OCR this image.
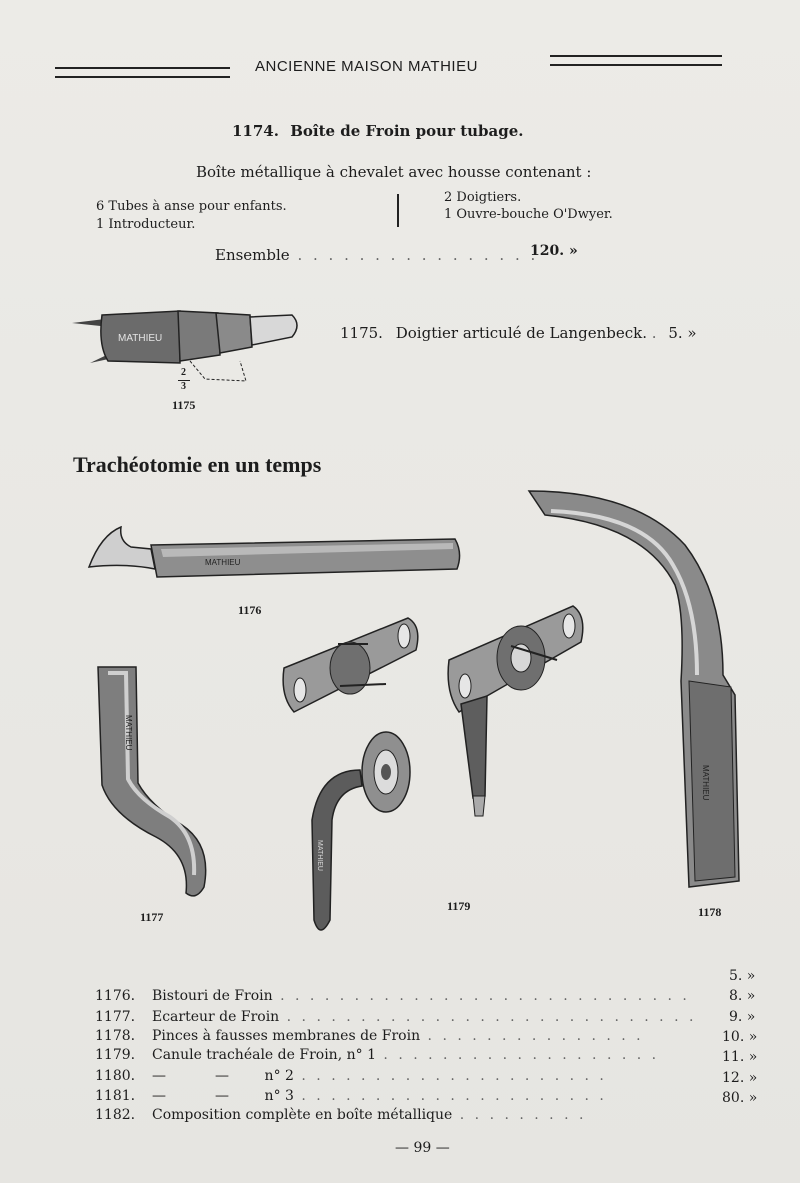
ANCIENNE MAISON MATHIEU
1174. Boîte de Froin pour tubage.
Boîte métallique à chevalet avec housse contenant :
6 Tubes à anse pour enfants.
1 Introducteur.
2 Doigtiers.
1 Ouvre-bouche O'Dwyer.
Ensemble . . . . . . . . . . . . . . . .
120. »
MATHIEU
2
3
1175
1175. Doigtier articulé de Langenbeck. . 5. »
Trachéotomie en un temps
MATHIEU
1176
MATHIEU
1177
MATHIEU
1179
MATHIEU
1178
1176. Bistouri de Froin . . . . . . . . . . . . . . . . . . . . . . . . . . . .
1177. Ecarteur de Froin . . . . . . . . . . . . . . . . . . . . . . . . . . . .
1178. Pinces à fausses membranes de Froin . . . . . . . . . . . . . . .
1179. Canule trachéale de Froin, n° 1 . . . . . . . . . . . . . . . . . . .
1180. —           —        n° 2 . . . . . . . . . . . . . . . . . . . . .
1181. —           —        n° 3 . . . . . . . . . . . . . . . . . . . . .
1182. Composition complète en boîte métallique . . . . . . . . .
5. »
8. »
9. »
10. »
11. »
12. »
80. »
— 99 —
